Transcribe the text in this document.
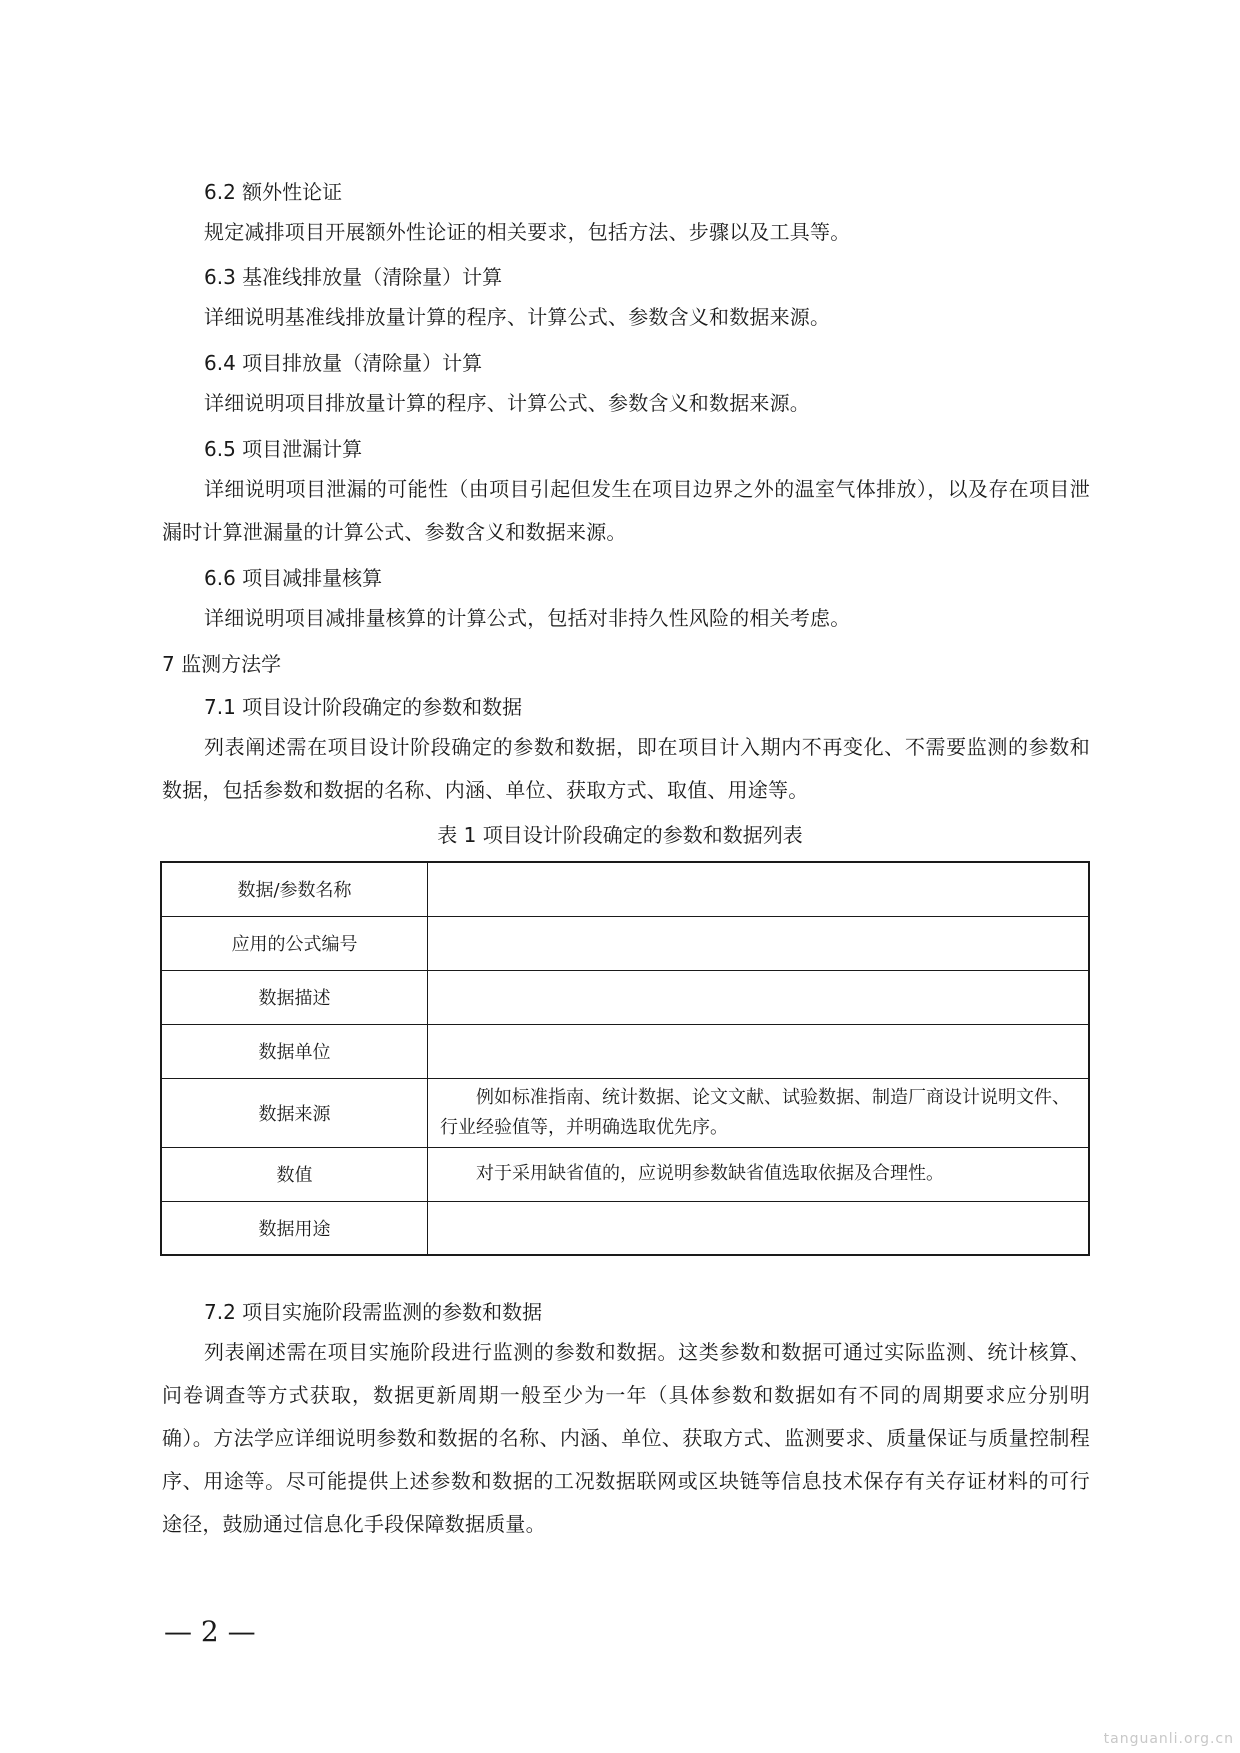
6.2 额外性论证
规定减排项目开展额外性论证的相关要求，包括方法、步骤以及工具等。
6.3 基准线排放量（清除量）计算
详细说明基准线排放量计算的程序、计算公式、参数含义和数据来源。
6.4 项目排放量（清除量）计算
详细说明项目排放量计算的程序、计算公式、参数含义和数据来源。
6.5 项目泄漏计算
详细说明项目泄漏的可能性（由项目引起但发生在项目边界之外的温室气体排放），以及存在项目泄漏时计算泄漏量的计算公式、参数含义和数据来源。
6.6 项目减排量核算
详细说明项目减排量核算的计算公式，包括对非持久性风险的相关考虑。
7 监测方法学
7.1 项目设计阶段确定的参数和数据
列表阐述需在项目设计阶段确定的参数和数据，即在项目计入期内不再变化、不需要监测的参数和数据，包括参数和数据的名称、内涵、单位、获取方式、取值、用途等。
表 1 项目设计阶段确定的参数和数据列表
数据/参数名称	
应用的公式编号	
数据描述	
数据单位	
数据来源	例如标准指南、统计数据、论文文献、试验数据、制造厂商设计说明文件、行业经验值等，并明确选取优先序。
数值	对于采用缺省值的，应说明参数缺省值选取依据及合理性。
数据用途	
7.2 项目实施阶段需监测的参数和数据
列表阐述需在项目实施阶段进行监测的参数和数据。这类参数和数据可通过实际监测、统计核算、问卷调查等方式获取，数据更新周期一般至少为一年（具体参数和数据如有不同的周期要求应分别明确）。方法学应详细说明参数和数据的名称、内涵、单位、获取方式、监测要求、质量保证与质量控制程序、用途等。尽可能提供上述参数和数据的工况数据联网或区块链等信息技术保存有关存证材料的可行途径，鼓励通过信息化手段保障数据质量。
— 2 —
tanguanli.org.cn
